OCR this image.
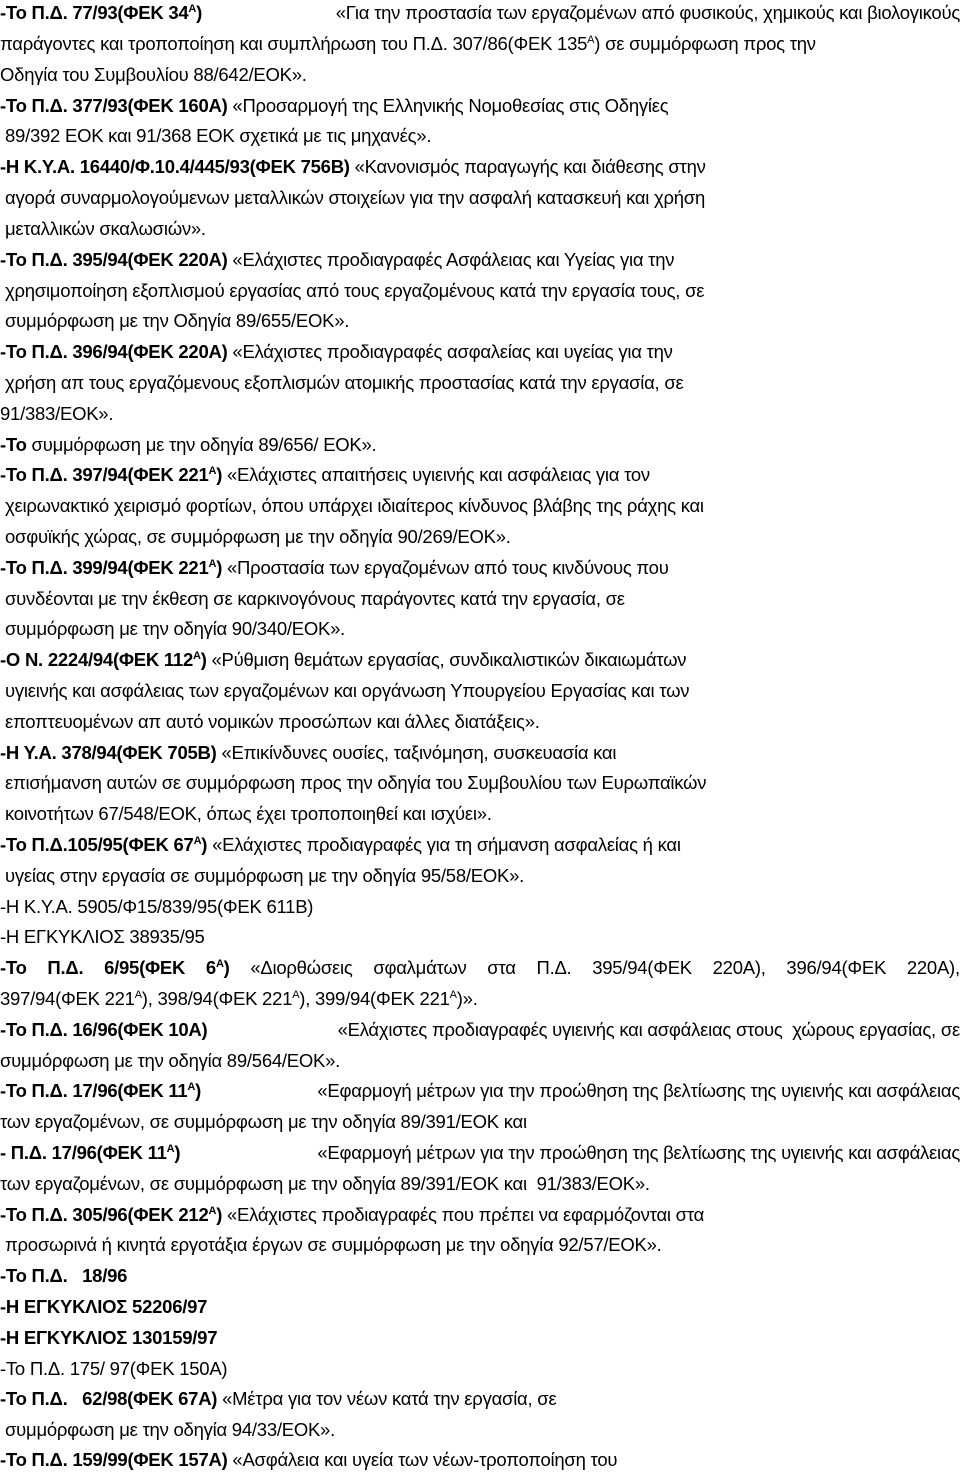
-Το Π.Δ. 77/93(ΦΕΚ $34^A$)	«Για την προστασία των εργαζομένων από φυσικούς, χημικούς και βιολογικούς
παράγοντες και τροποποίηση και συμπλήρωση του Π.Δ. 307/86(ΦΕΚ $135^A$) σε συμμόρφωση προς την
Οδηγία του Συμβουλίου 88/642/ΕΟΚ».
-Το Π.Δ. 377/93(ΦΕΚ 160Α) «Προσαρμογή της Ελληνικής Νομοθεσίας στις Οδηγίες
89/392 ΕΟΚ και 91/368 ΕΟΚ σχετικά με τις μηχανές».
-Η Κ.Υ.Α. 16440/Φ.10.4/445/93(ΦΕΚ 756Β) «Κανονισμός παραγωγής και διάθεσης στην
αγορά συναρμολογούμενων μεταλλικών στοιχείων για την ασφαλή κατασκευή και χρήση
μεταλλικών σκαλωσιών».
-Το Π.Δ. 395/94(ΦΕΚ 220Α) «Ελάχιστες προδιαγραφές Ασφάλειας και Υγείας για την
χρησιμοποίηση εξοπλισμού εργασίας από τους εργαζομένους κατά την εργασία τους, σε
συμμόρφωση με την Οδηγία 89/655/ΕΟΚ».
-Το Π.Δ. 396/94(ΦΕΚ 220Α) «Ελάχιστες προδιαγραφές ασφαλείας και υγείας για την
χρήση απ τους εργαζόμενους εξοπλισμών ατομικής προστασίας κατά την εργασία, σε
91/383/ΕΟΚ».
-Το συμμόρφωση με την οδηγία 89/656/ ΕΟΚ».
-Το Π.Δ. 397/94(ΦΕΚ $221^A$) «Ελάχιστες απαιτήσεις υγιεινής και ασφάλειας για τον
χειρωνακτικό χειρισμό φορτίων, όπου υπάρχει ιδιαίτερος κίνδυνος βλάβης της ράχης και
οσφυϊκής χώρας, σε συμμόρφωση με την οδηγία 90/269/ΕΟΚ».
-Το Π.Δ. 399/94(ΦΕΚ $221^A$) «Προστασία των εργαζομένων από τους κινδύνους που
συνδέονται με την έκθεση σε καρκινογόνους παράγοντες κατά την εργασία, σε
συμμόρφωση με την οδηγία 90/340/ΕΟΚ».
-Ο Ν. 2224/94(ΦΕΚ $112^A$) «Ρύθμιση θεμάτων εργασίας, συνδικαλιστικών δικαιωμάτων
υγιεινής και ασφάλειας των εργαζομένων και οργάνωση Υπουργείου Εργασίας και των
εποπτευομένων απ αυτό νομικών προσώπων και άλλες διατάξεις».
-Η Υ.Α. 378/94(ΦΕΚ 705Β) «Επικίνδυνες ουσίες, ταξινόμηση, συσκευασία και
επισήμανση αυτών σε συμμόρφωση προς την οδηγία του Συμβουλίου των Ευρωπαϊκών
κοινοτήτων 67/548/ΕΟΚ, όπως έχει τροποποιηθεί και ισχύει».
-Το Π.Δ.105/95(ΦΕΚ $67^A$) «Ελάχιστες προδιαγραφές για τη σήμανση ασφαλείας ή και
υγείας στην εργασία σε συμμόρφωση με την οδηγία 95/58/ΕΟΚ».
-Η Κ.Υ.Α. 5905/Φ15/839/95(ΦΕΚ 611Β)
-Η ΕΓΚΥΚΛΙΟΣ 38935/95
-Το Π.Δ. 6/95(ΦΕΚ $6^A$) «Διορθώσεις σφαλμάτων στα Π.Δ. 395/94(ΦΕΚ 220Α), 396/94(ΦΕΚ 220Α),
397/94(ΦΕΚ $221^A$), 398/94(ΦΕΚ $221^A$), 399/94(ΦΕΚ $221^A$)».
-Το Π.Δ. 16/96(ΦΕΚ 10Α)	«Ελάχιστες προδιαγραφές υγιεινής και ασφάλειας στους  χώρους εργασίας, σε
συμμόρφωση με την οδηγία 89/564/ΕΟΚ».
-Το Π.Δ. 17/96(ΦΕΚ $11^A$)	«Εφαρμογή μέτρων για την προώθηση της βελτίωσης της υγιεινής και ασφάλειας
των εργαζομένων, σε συμμόρφωση με την οδηγία 89/391/ΕΟΚ και
- Π.Δ. 17/96(ΦΕΚ $11^A$)	«Εφαρμογή μέτρων για την προώθηση της βελτίωσης της υγιεινής και ασφάλειας
των εργαζομένων, σε συμμόρφωση με την οδηγία 89/391/ΕΟΚ και  91/383/ΕΟΚ».
-Το Π.Δ. 305/96(ΦΕΚ $212^A$) «Ελάχιστες προδιαγραφές που πρέπει να εφαρμόζονται στα
προσωρινά ή κινητά εργοτάξια έργων σε συμμόρφωση με την οδηγία 92/57/ΕΟΚ».
-Το Π.Δ.   18/96
-Η ΕΓΚΥΚΛΙΟΣ 52206/97
-Η ΕΓΚΥΚΛΙΟΣ 130159/97
-Το Π.Δ. 175/ 97(ΦΕΚ 150Α)
-Το Π.Δ.   62/98(ΦΕΚ 67Α) «Μέτρα για τον νέων κατά την εργασία, σε
συμμόρφωση με την οδηγία 94/33/ΕΟΚ».
-Το Π.Δ. 159/99(ΦΕΚ 157Α) «Ασφάλεια και υγεία των νέων-τροποποίηση του
